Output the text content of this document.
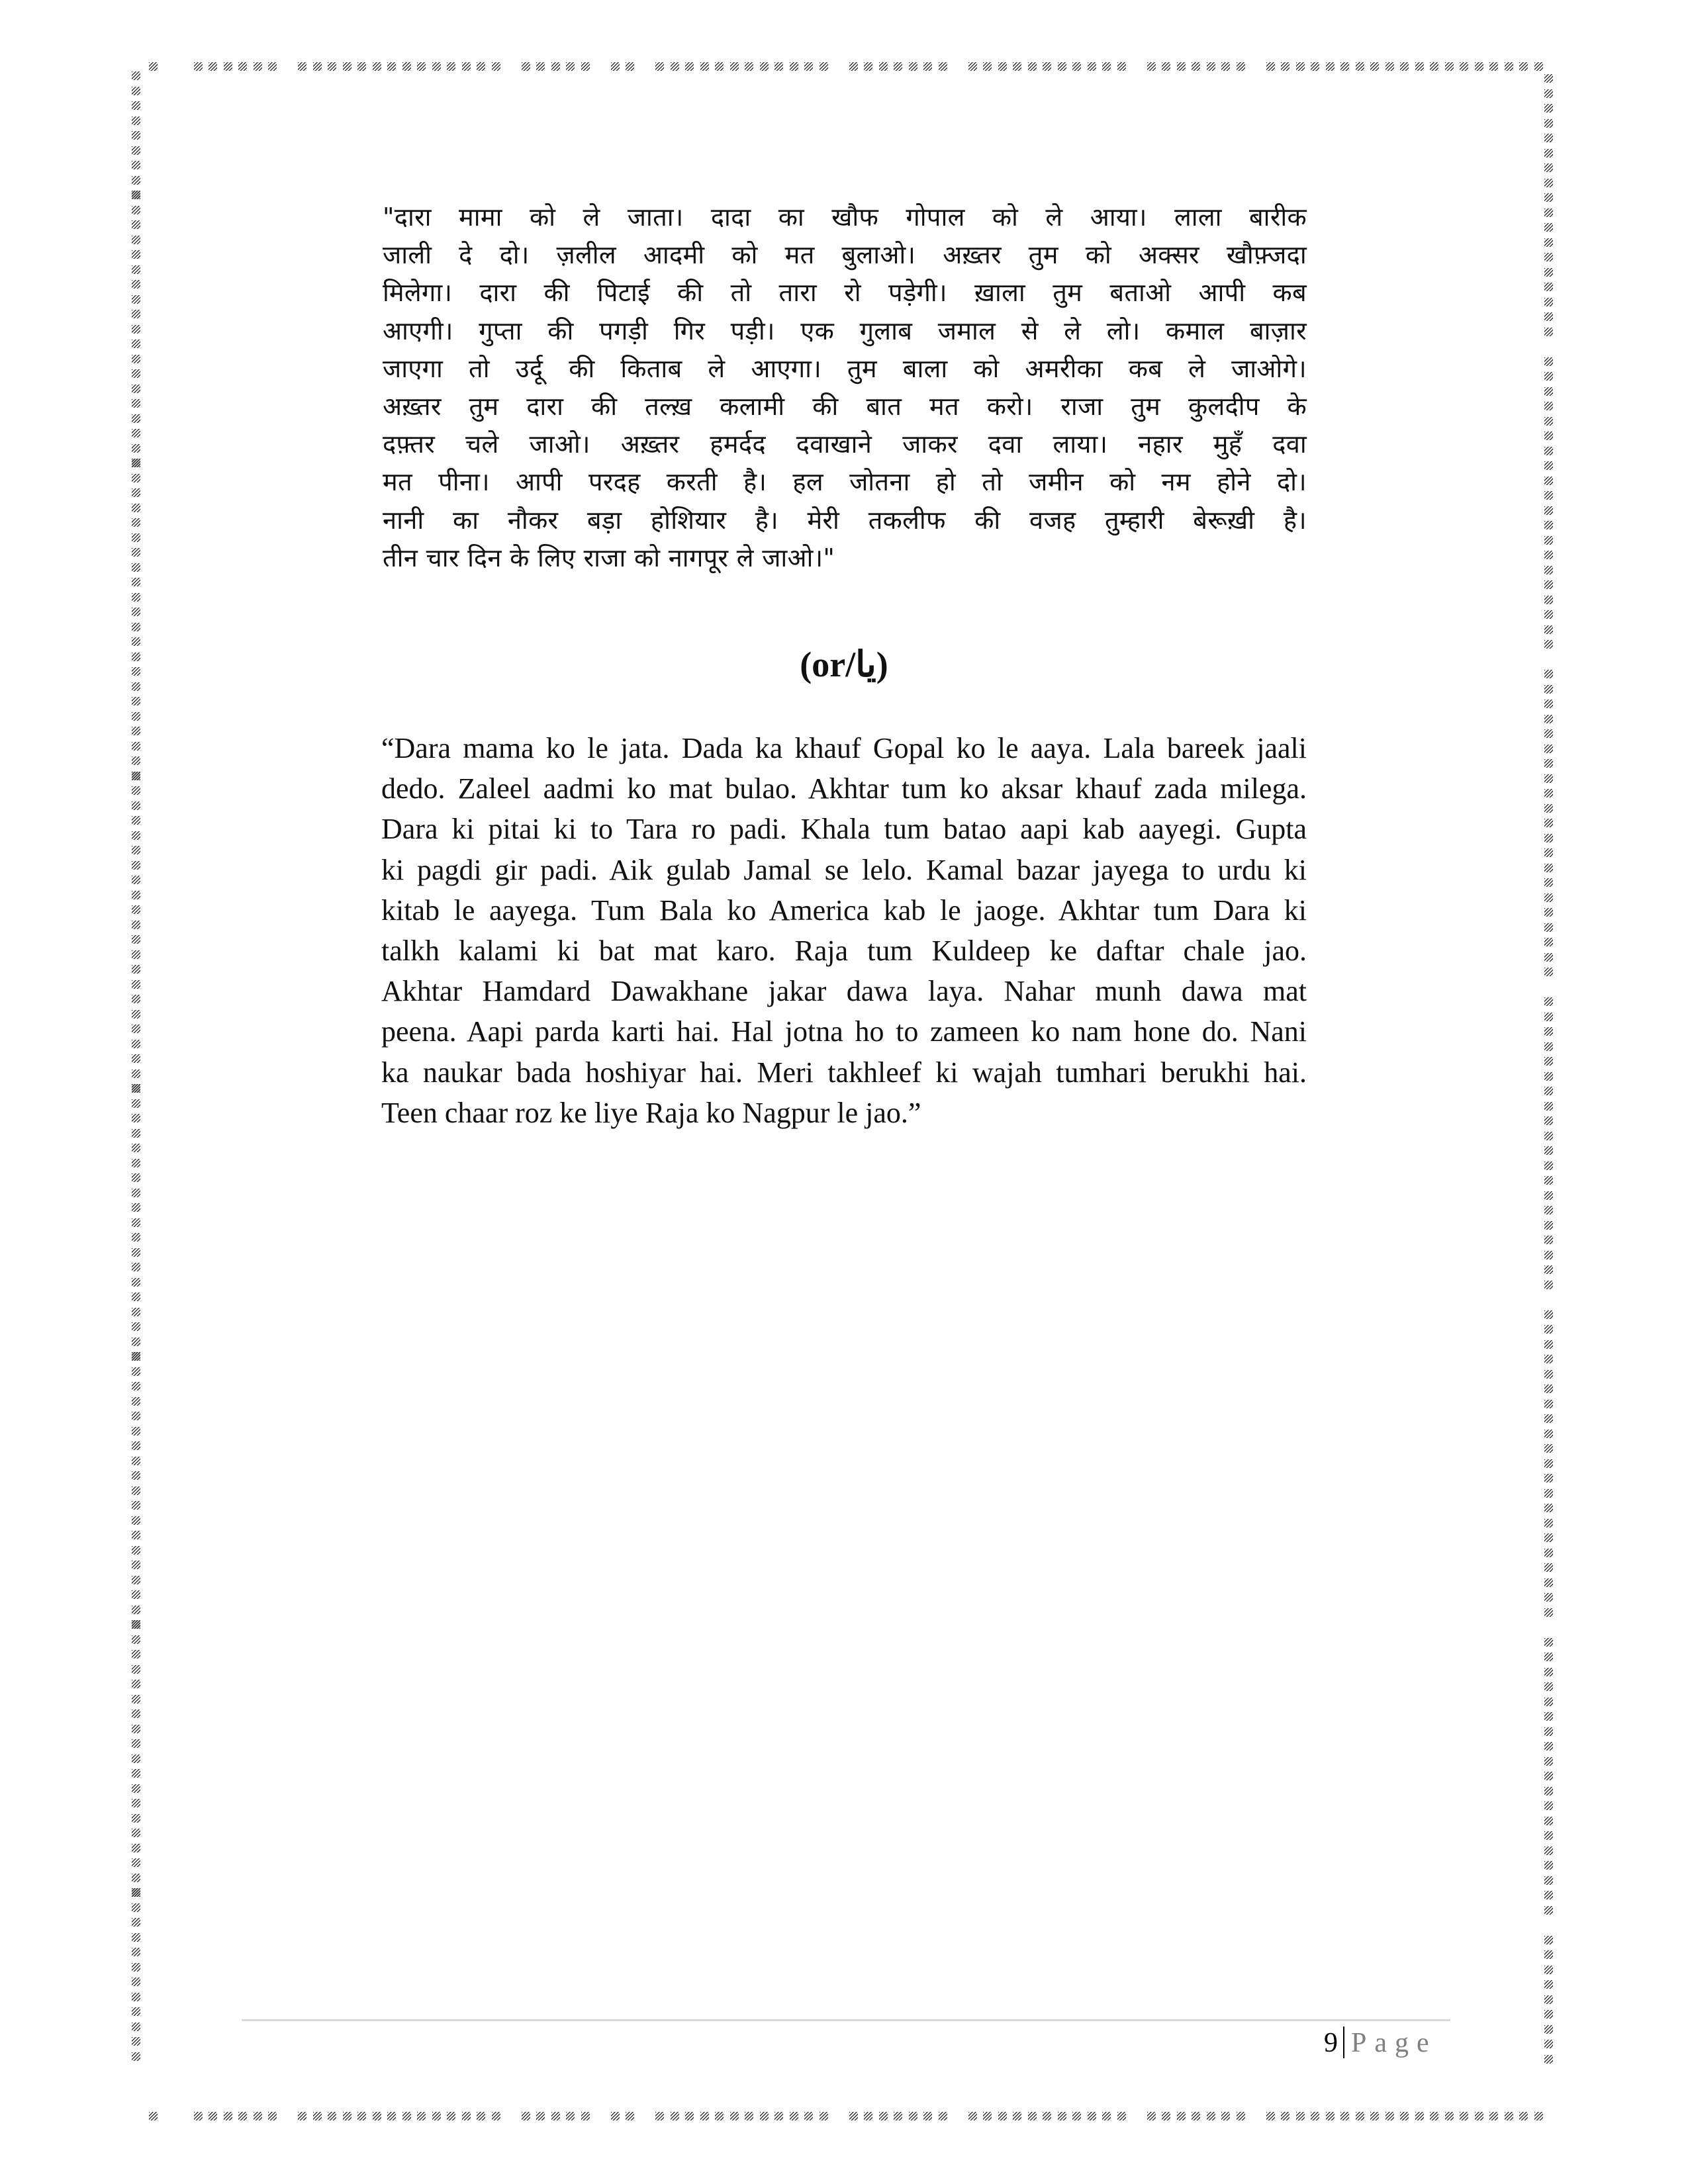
"दारा मामा को ले जाता। दादा का खौफ गोपाल को ले आया। लाला बारीक
जाली दे दो। ज़लील आदमी को मत बुलाओ। अख़्तर तुम को अक्सर खौफ़्जदा
मिलेगा। दारा की पिटाई की तो तारा रो पड़ेगी। ख़ाला तुम बताओ आपी कब
आएगी। गुप्ता की पगड़ी गिर पड़ी। एक गुलाब जमाल से ले लो। कमाल बाज़ार
जाएगा तो उर्दू की किताब ले आएगा। तुम बाला को अमरीका कब ले जाओगे।
अख़्तर तुम दारा की तल्ख़ कलामी की बात मत करो। राजा तुम कुलदीप के
दफ़्तर चले जाओ। अख़्तर हमर्दद दवाखाने जाकर दवा लाया। नहार मुहँ दवा
मत पीना। आपी परदह करती है। हल जोतना हो तो जमीन को नम होने दो।
नानी का नौकर बड़ा होशियार है। मेरी तकलीफ की वजह तुम्हारी बेरूख़ी है।
तीन चार दिन के लिए राजा को नागपूर ले जाओ।"
(or/یا)
“Dara mama ko le jata. Dada ka khauf Gopal ko le aaya. Lala bareek jaali
dedo. Zaleel aadmi ko mat bulao. Akhtar tum ko aksar khauf zada milega.
Dara ki pitai ki to Tara ro padi. Khala tum batao aapi kab aayegi. Gupta
ki pagdi gir padi. Aik gulab Jamal se lelo. Kamal bazar jayega to urdu ki
kitab le aayega. Tum Bala ko America kab le jaoge. Akhtar tum Dara ki
talkh kalami ki bat mat karo. Raja tum Kuldeep ke daftar chale jao.
Akhtar Hamdard Dawakhane jakar dawa laya. Nahar munh dawa mat
peena. Aapi parda karti hai. Hal jotna ho to zameen ko nam hone do. Nani
ka naukar bada hoshiyar hai. Meri takhleef ki wajah tumhari berukhi hai.
Teen chaar roz ke liye Raja ko Nagpur le jao.”
9 Page
